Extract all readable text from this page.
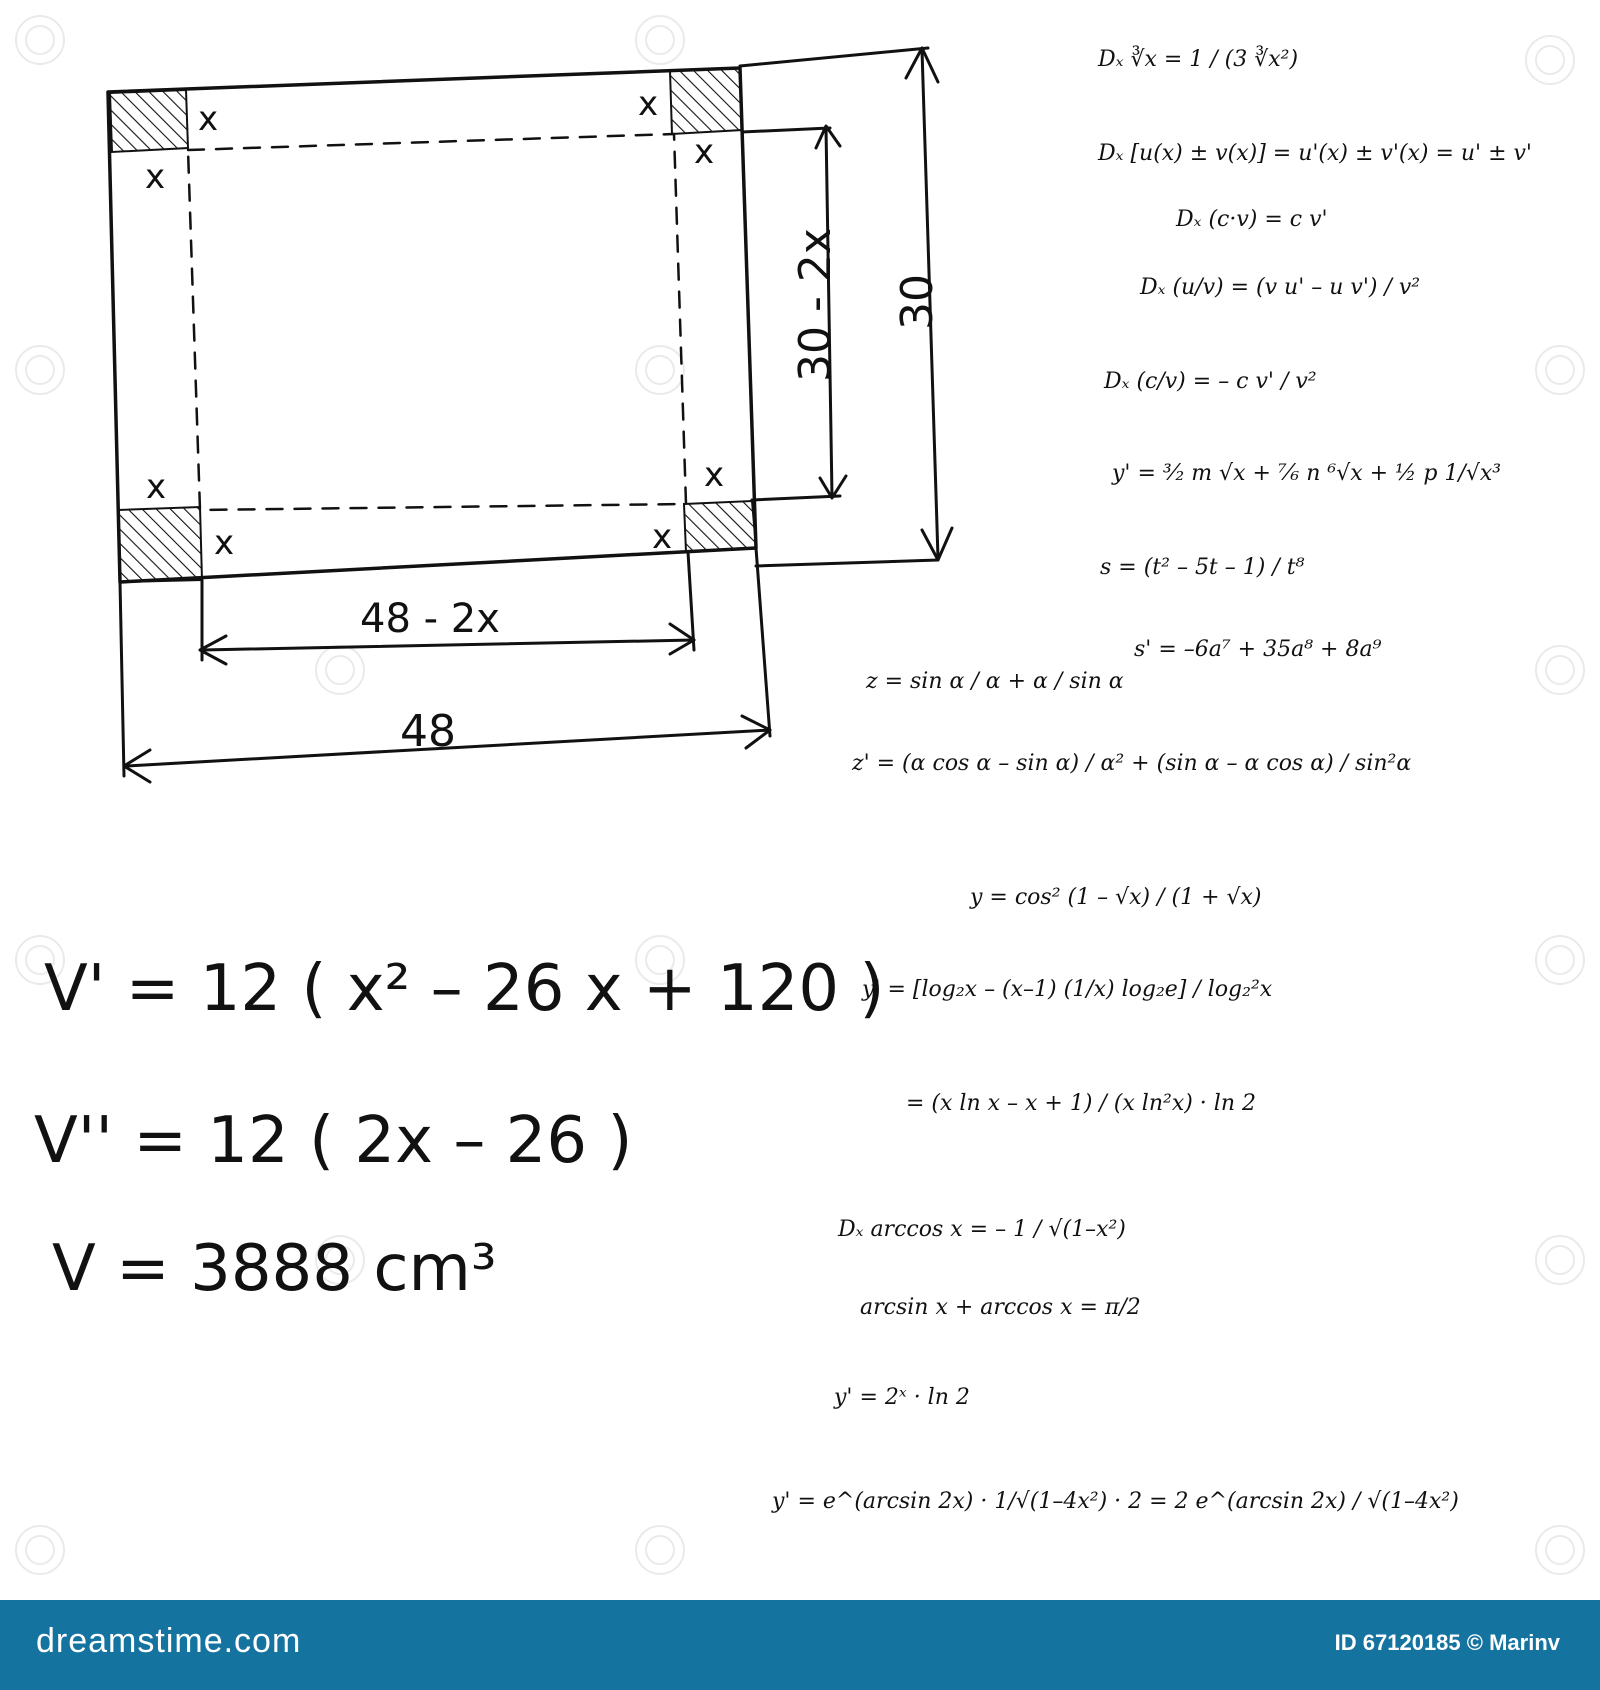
x
x
x
x
x
x	x
x
30 - 2x 30
48 - 2x
48
V' = 12 ( x² – 26 x + 120 )
V'' = 12 ( 2x – 26 )
V = 3888 cm³
Dₓ ∛x = 1 / (3 ∛x²)
Dₓ [u(x) ± v(x)] = u'(x) ± v'(x) = u' ± v'
Dₓ (c·v) = c v'
Dₓ (u/v) = (v u' – u v') / v²
Dₓ (c/v) = – c v' / v²
y' = ³⁄₂ m √x + ⁷⁄₆ n ⁶√x + ½ p 1/√x³
s = (t² – 5t – 1) / t⁸
s' = –6a⁷ + 35a⁸ + 8a⁹
z = sin α / α + α / sin α
z' = (α cos α – sin α) / α² + (sin α – α cos α) / sin²α
y = cos² (1 – √x) / (1 + √x)
y' = [log₂x – (x–1) (1/x) log₂e] / log₂²x
= (x ln x – x + 1) / (x ln²x) · ln 2
Dₓ arccos x = – 1 / √(1–x²)
arcsin x + arccos x = π/2
y' = 2ˣ · ln 2
y' = e^(arcsin 2x) · 1/√(1–4x²) · 2 = 2 e^(arcsin 2x) / √(1–4x²)
dreamstime.com	ID 67120185 © Marinv
